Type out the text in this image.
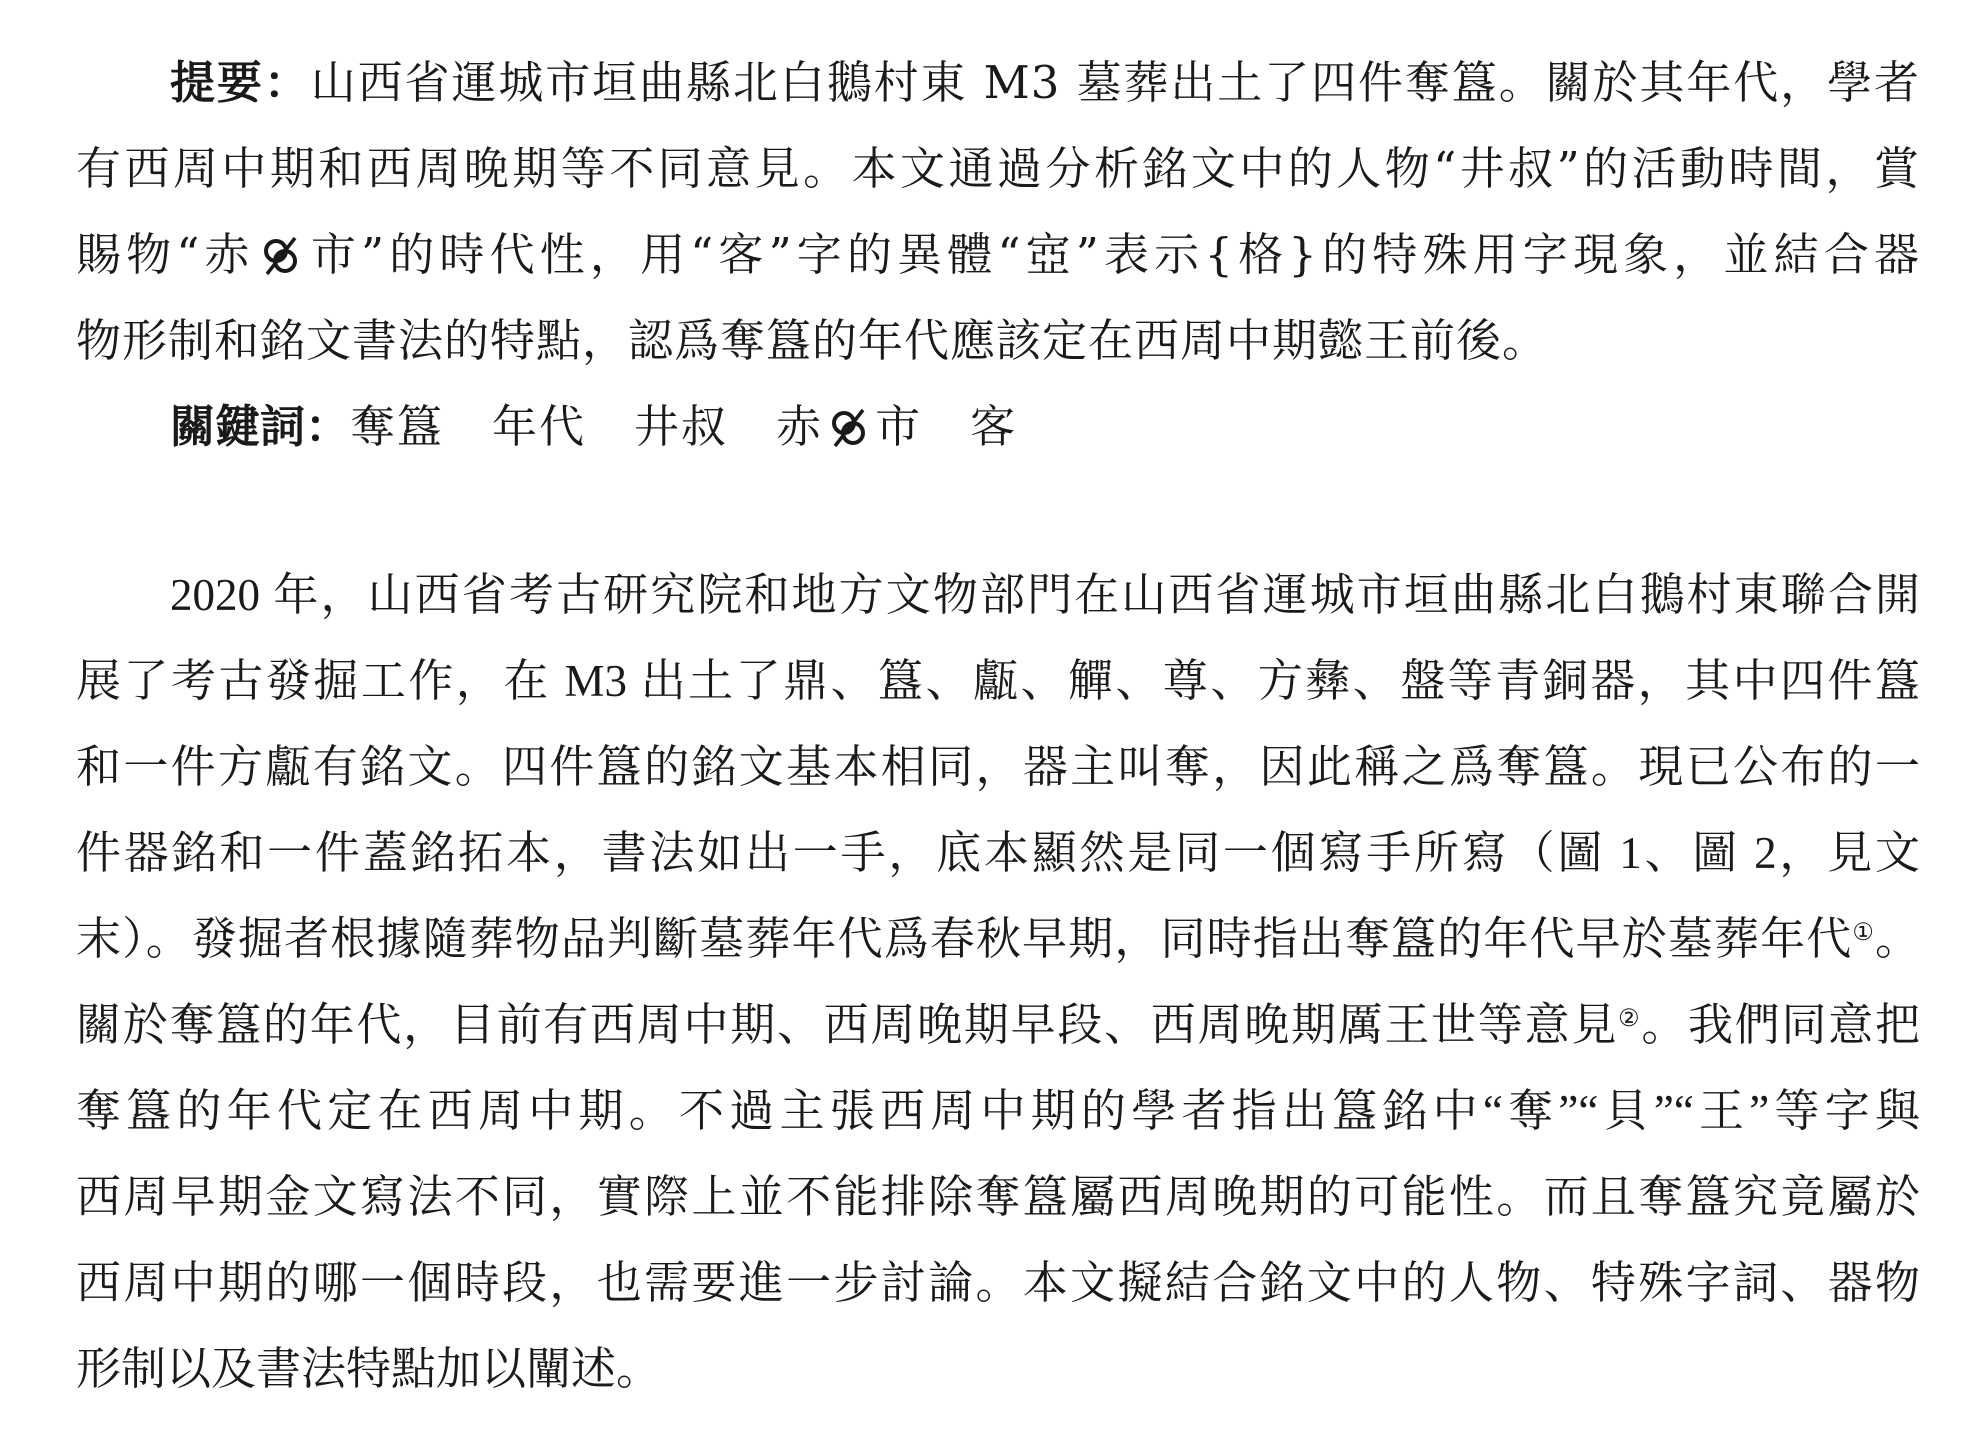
提要：山西省運城市垣曲縣北白鵝村東 M3 墓葬出土了四件奪簋。關於其年代，學者
有西周中期和西周晚期等不同意見。本文通過分析銘文中的人物“井叔”的活動時間，賞
賜物“赤 市”的時代性，用“客”字的異體“㝞”表示{格}的特殊用字現象，並結合器
物形制和銘文書法的特點，認爲奪簋的年代應該定在西周中期懿王前後。
關鍵詞：奪簋 年代 井叔 赤 市 客
2020 年，山西省考古研究院和地方文物部門在山西省運城市垣曲縣北白鵝村東聯合開
展了考古發掘工作，在 M3 出土了鼎、簋、甗、觶、尊、方彝、盤等青銅器，其中四件簋
和一件方甗有銘文。四件簋的銘文基本相同，器主叫奪，因此稱之爲奪簋。現已公布的一
件器銘和一件蓋銘拓本，書法如出一手，底本顯然是同一個寫手所寫（圖 1、圖 2，見文
末）。發掘者根據隨葬物品判斷墓葬年代爲春秋早期，同時指出奪簋的年代早於墓葬年代①。
關於奪簋的年代，目前有西周中期、西周晚期早段、西周晚期厲王世等意見②。我們同意把
奪簋的年代定在西周中期。不過主張西周中期的學者指出簋銘中“奪”“貝”“王”等字與
西周早期金文寫法不同，實際上並不能排除奪簋屬西周晚期的可能性。而且奪簋究竟屬於
西周中期的哪一個時段，也需要進一步討論。本文擬結合銘文中的人物、特殊字詞、器物
形制以及書法特點加以闡述。
